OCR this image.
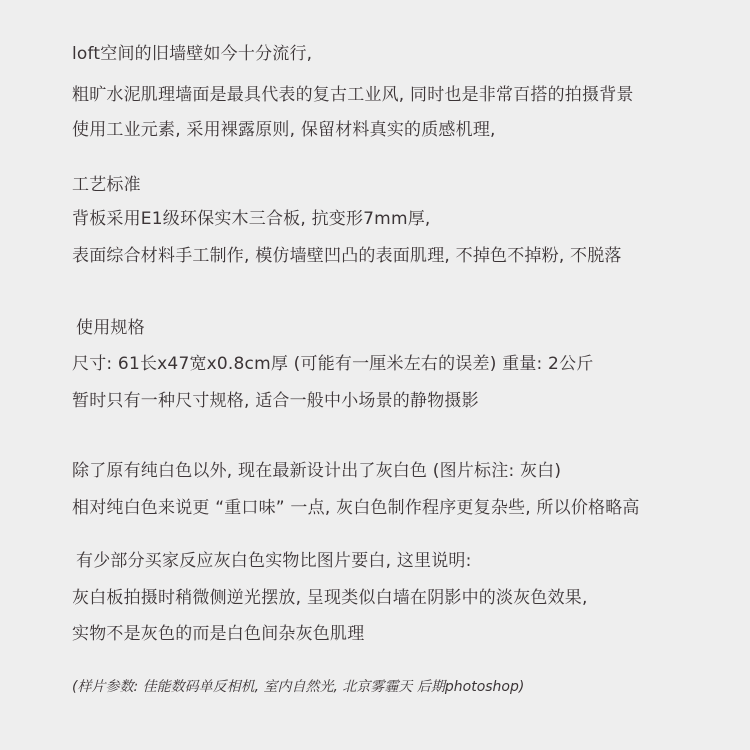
loft空间的旧墙壁如今十分流行,
粗旷水泥肌理墙面是最具代表的复古工业风, 同时也是非常百搭的拍摄背景
使用工业元素, 采用裸露原则, 保留材料真实的质感机理,
工艺标准
背板采用E1级环保实木三合板, 抗变形7mm厚,
表面综合材料手工制作, 模仿墙壁凹凸的表面肌理, 不掉色不掉粉, 不脱落
使用规格
尺寸: 61长x47宽x0.8cm厚 (可能有一厘米左右的误差) 重量: 2公斤
暂时只有一种尺寸规格, 适合一般中小场景的静物摄影
除了原有纯白色以外, 现在最新设计出了灰白色 (图片标注: 灰白)
相对纯白色来说更 “重口味” 一点, 灰白色制作程序更复杂些, 所以价格略高
有少部分买家反应灰白色实物比图片要白, 这里说明:
灰白板拍摄时稍微侧逆光摆放, 呈现类似白墙在阴影中的淡灰色效果,
实物不是灰色的而是白色间杂灰色肌理
(样片参数: 佳能数码单反相机, 室内自然光, 北京雾霾天 后期photoshop)
